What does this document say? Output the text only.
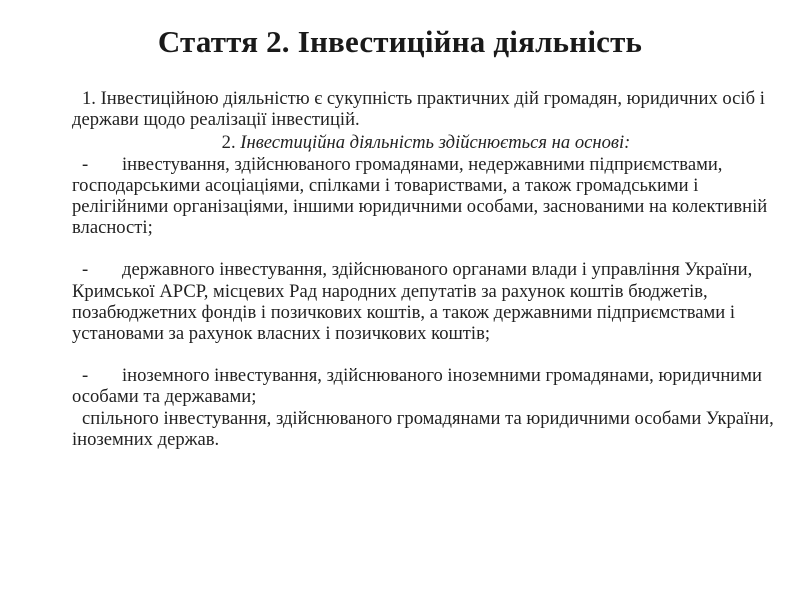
Стаття 2. Інвестиційна діяльність

1. Інвестиційною діяльністю є сукупність практичних дій громадян, юридичних осіб і держави щодо реалізації інвестицій.

2. Інвестиційна діяльність здійснюється на основі:

- інвестування, здійснюваного громадянами, недержавними підприємствами, господарськими асоціаціями, спілками і товариствами, а також громадськими і релігійними організаціями, іншими юридичними особами, заснованими на колективній власності;

- державного інвестування, здійснюваного органами влади і управління України, Кримської АРСР, місцевих Рад народних депутатів за рахунок коштів бюджетів, позабюджетних фондів і позичкових коштів, а також державними підприємствами і установами за рахунок власних і позичкових коштів;

- іноземного інвестування, здійснюваного іноземними громадянами, юридичними особами та державами;

спільного інвестування, здійснюваного громадянами та юридичними особами України, іноземних держав.
